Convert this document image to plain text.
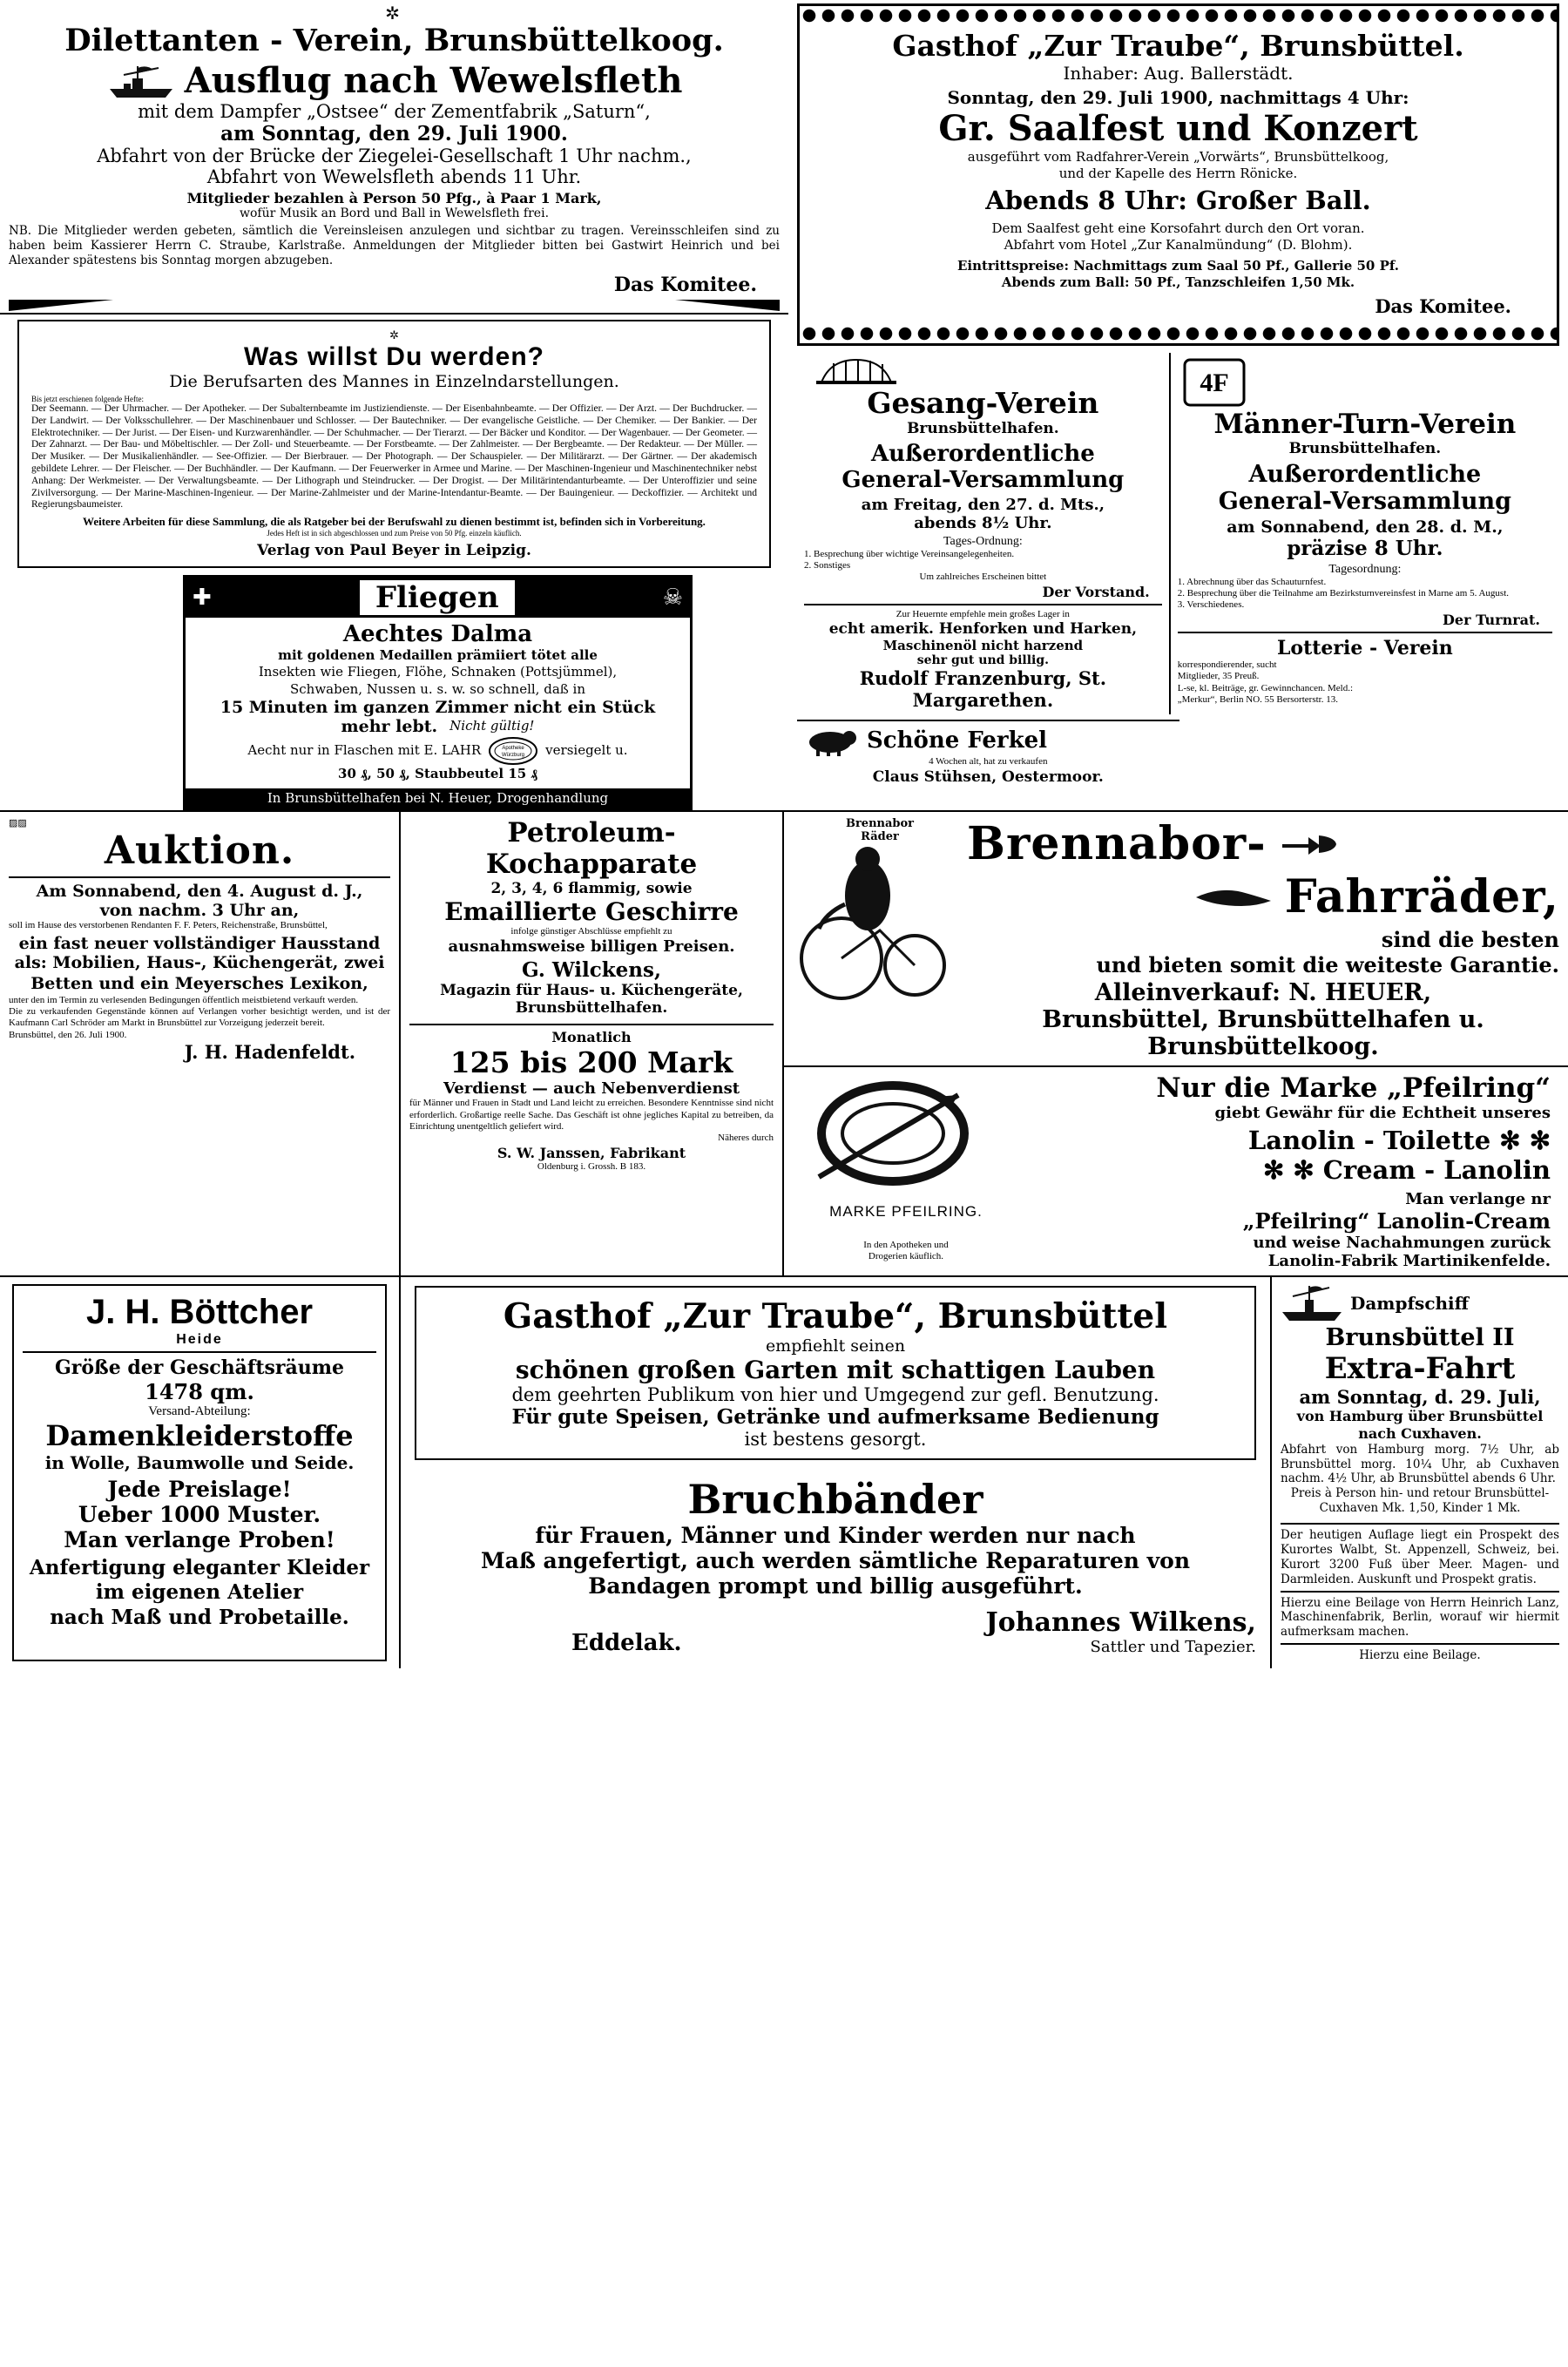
✲
Dilettanten - Verein, Brunsbüttelkoog.
Ausflug nach Wewelsfleth
mit dem Dampfer „Ostsee“ der Zementfabrik „Saturn“,
am Sonntag, den 29. Juli 1900.
Abfahrt von der Brücke der Ziegelei-Gesellschaft 1 Uhr nachm.,
Abfahrt von Wewelsfleth abends 11 Uhr.
Mitglieder bezahlen à Person 50 Pfg., à Paar 1 Mark,
wofür Musik an Bord und Ball in Wewelsfleth frei.
NB. Die Mitglieder werden gebeten, sämtlich die Vereinsleisen anzulegen und sichtbar zu tragen. Vereinsschleifen sind zu haben beim Kassierer Herrn C. Straube, Karlstraße. Anmeldungen der Mitglieder bitten bei Gastwirt Heinrich und bei Alexander spätestens bis Sonntag morgen abzugeben.
Das Komitee.
✲
Was willst Du werden?
Die Berufsarten des Mannes in Einzelndarstellungen.
Bis jetzt erschienen folgende Hefte:
Der Seemann. — Der Uhrmacher. — Der Apotheker. — Der Subalternbeamte im Justiziendienste. — Der Eisenbahnbeamte. — Der Offizier. — Der Arzt. — Der Buchdrucker. — Der Landwirt. — Der Volksschullehrer. — Der Maschinenbauer und Schlosser. — Der Bautechniker. — Der evangelische Geistliche. — Der Chemiker. — Der Bankier. — Der Elektrotechniker. — Der Jurist. — Der Eisen- und Kurzwarenhändler. — Der Schuhmacher. — Der Tierarzt. — Der Bäcker und Konditor. — Der Wagenbauer. — Der Geometer. — Der Zahnarzt. — Der Bau- und Möbeltischler. — Der Zoll- und Steuerbeamte. — Der Forstbeamte. — Der Zahlmeister. — Der Bergbeamte. — Der Redakteur. — Der Müller. — Der Musiker. — Der Musikalienhändler. — See-Offizier. — Der Bierbrauer. — Der Photograph. — Der Schauspieler. — Der Militärarzt. — Der Gärtner. — Der akademisch gebildete Lehrer. — Der Fleischer. — Der Buchhändler. — Der Kaufmann. — Der Feuerwerker in Armee und Marine. — Der Maschinen-Ingenieur und Maschinentechniker nebst Anhang: Der Werkmeister. — Der Verwaltungsbeamte. — Der Lithograph und Steindrucker. — Der Drogist. — Der Militärintendanturbeamte. — Der Unteroffizier und seine Zivilversorgung. — Der Marine-Maschinen-Ingenieur. — Der Marine-Zahlmeister und der Marine-Intendantur-Beamte. — Der Bauingenieur. — Deckoffizier. — Architekt und Regierungsbaumeister.
Weitere Arbeiten für diese Sammlung, die als Ratgeber bei der Berufswahl zu dienen bestimmt ist, befinden sich in Vorbereitung.
Jedes Heft ist in sich abgeschlossen und zum Preise von 50 Pfg. einzeln käuflich.
Verlag von Paul Beyer in Leipzig.
✚	Fliegen	☠
Aechtes Dalma
mit goldenen Medaillen prämiiert tötet alle
Insekten wie Fliegen, Flöhe, Schnaken (Pottsjümmel),
Schwaben, Nussen u. s. w. so schnell, daß in
15 Minuten im ganzen Zimmer nicht ein Stück
mehr lebt. Nicht gültig!
Aecht nur in Flaschen mit E. LAHR	Apotheke
Würzburg versiegelt u.
30 ₰, 50 ₰, Staubbeutel 15 ₰
In Brunsbüttelhafen bei N. Heuer, Drogenhandlung
Gasthof „Zur Traube“, Brunsbüttel.
Inhaber: Aug. Ballerstädt.
Sonntag, den 29. Juli 1900, nachmittags 4 Uhr:
Gr. Saalfest und Konzert
ausgeführt vom Radfahrer-Verein „Vorwärts“, Brunsbüttelkoog,
und der Kapelle des Herrn Rönicke.
Abends 8 Uhr: Großer Ball.
Dem Saalfest geht eine Korsofahrt durch den Ort voran.
Abfahrt vom Hotel „Zur Kanalmündung“ (D. Blohm).
Eintrittspreise: Nachmittags zum Saal 50 Pf., Gallerie 50 Pf.
Abends zum Ball: 50 Pf., Tanzschleifen 1,50 Mk.
Das Komitee.
Gesang-Verein
Brunsbüttelhafen.
Außerordentliche
General-Versammlung
am Freitag, den 27. d. Mts.,
abends 8½ Uhr.
Tages-Ordnung:
1. Besprechung über wichtige Vereinsangelegenheiten.
2. Sonstiges
Um zahlreiches Erscheinen bittet
Der Vorstand.
Zur Heuernte empfehle mein großes Lager in
echt amerik. Henforken und Harken,
Maschinenöl nicht harzend
sehr gut und billig.
Rudolf Franzenburg, St. Margarethen.
4F
Männer-Turn-Verein
Brunsbüttelhafen.
Außerordentliche
General-Versammlung
am Sonnabend, den 28. d. M.,
präzise 8 Uhr.
Tagesordnung:
1. Abrechnung über das Schauturnfest.
2. Besprechung über die Teilnahme am Bezirksturnvereinsfest in Marne am 5. August.
3. Verschiedenes.
Der Turnrat.
Lotterie - Verein
korrespondierender, sucht
Mitglieder, 35 Preuß.
L-se, kl. Beiträge, gr. Gewinnchancen. Meld.:
„Merkur“, Berlin NO. 55 Bersorterstr. 13.
Schöne Ferkel
4 Wochen alt, hat zu verkaufen
Claus Stühsen, Oestermoor.
▨▨
Auktion.
Am Sonnabend, den 4. August d. J.,
von nachm. 3 Uhr an,
soll im Hause des verstorbenen Rendanten F. F. Peters, Reichenstraße, Brunsbüttel,
ein fast neuer vollständiger Hausstand
als: Mobilien, Haus-, Küchengerät, zwei Betten und ein Meyersches Lexikon,
unter den im Termin zu verlesenden Bedingungen öffentlich meistbietend verkauft werden.
Die zu verkaufenden Gegenstände können auf Verlangen vorher besichtigt werden, und ist der Kaufmann Carl Schröder am Markt in Brunsbüttel zur Vorzeigung jederzeit bereit.
Brunsbüttel, den 26. Juli 1900.
J. H. Hadenfeldt.
Petroleum-Kochapparate
2, 3, 4, 6 flammig, sowie
Emaillierte Geschirre
infolge günstiger Abschlüsse empfiehlt zu
ausnahmsweise billigen Preisen.
G. Wilckens,
Magazin für Haus- u. Küchengeräte,
Brunsbüttelhafen.
Monatlich
125 bis 200 Mark
Verdienst — auch Nebenverdienst
für Männer und Frauen in Stadt und Land leicht zu erreichen. Besondere Kenntnisse sind nicht erforderlich. Großartige reelle Sache. Das Geschäft ist ohne jegliches Kapital zu betreiben, da Einrichtung unentgeltlich geliefert wird.
Näheres durch
S. W. Janssen, Fabrikant
Oldenburg i. Grossh. B 183.
Brennabor
Räder	Brennabor-
Fahrräder,
sind die besten
und bieten somit die weiteste Garantie.
Alleinverkauf: N. HEUER,
Brunsbüttel, Brunsbüttelhafen u. Brunsbüttelkoog.
MARKE PFEILRING.
In den Apotheken und
Drogerien käuflich.
Nur die Marke „Pfeilring“
giebt Gewähr für die Echtheit unseres
Lanolin - Toilette ✻ ✻
✻ ✻ Cream - Lanolin
Man verlange nr
„Pfeilring“ Lanolin-Cream
und weise Nachahmungen zurück
Lanolin-Fabrik Martinikenfelde.
J. H. Böttcher
Heide
Größe der Geschäftsräume
1478 qm.
Versand-Abteilung:
Damenkleiderstoffe
in Wolle, Baumwolle und Seide.
Jede Preislage!
Ueber 1000 Muster.
Man verlange Proben!
Anfertigung eleganter Kleider im eigenen Atelier
nach Maß und Probetaille.
Gasthof „Zur Traube“, Brunsbüttel
empfiehlt seinen
schönen großen Garten mit schattigen Lauben
dem geehrten Publikum von hier und Umgegend zur gefl. Benutzung.
Für gute Speisen, Getränke und aufmerksame Bedienung
ist bestens gesorgt.
Bruchbänder
für Frauen, Männer und Kinder werden nur nach
Maß angefertigt, auch werden sämtliche Reparaturen von
Bandagen prompt und billig ausgeführt.
Eddelak.
Johannes Wilkens,
Sattler und Tapezier.
Dampfschiff
Brunsbüttel II
Extra-Fahrt
am Sonntag, d. 29. Juli,
von Hamburg über Brunsbüttel nach Cuxhaven.
Abfahrt von Hamburg morg. 7½ Uhr, ab Brunsbüttel morg. 10¼ Uhr, ab Cuxhaven nachm. 4½ Uhr, ab Brunsbüttel abends 6 Uhr.
Preis à Person hin- und retour Brunsbüttel-Cuxhaven Mk. 1,50, Kinder 1 Mk.
Der heutigen Auflage liegt ein Prospekt des Kurortes Walbt, St. Appenzell, Schweiz, bei. Kurort 3200 Fuß über Meer. Magen- und Darmleiden. Auskunft und Prospekt gratis.
Hierzu eine Beilage von Herrn Heinrich Lanz, Maschinenfabrik, Berlin, worauf wir hiermit aufmerksam machen.
Hierzu eine Beilage.
